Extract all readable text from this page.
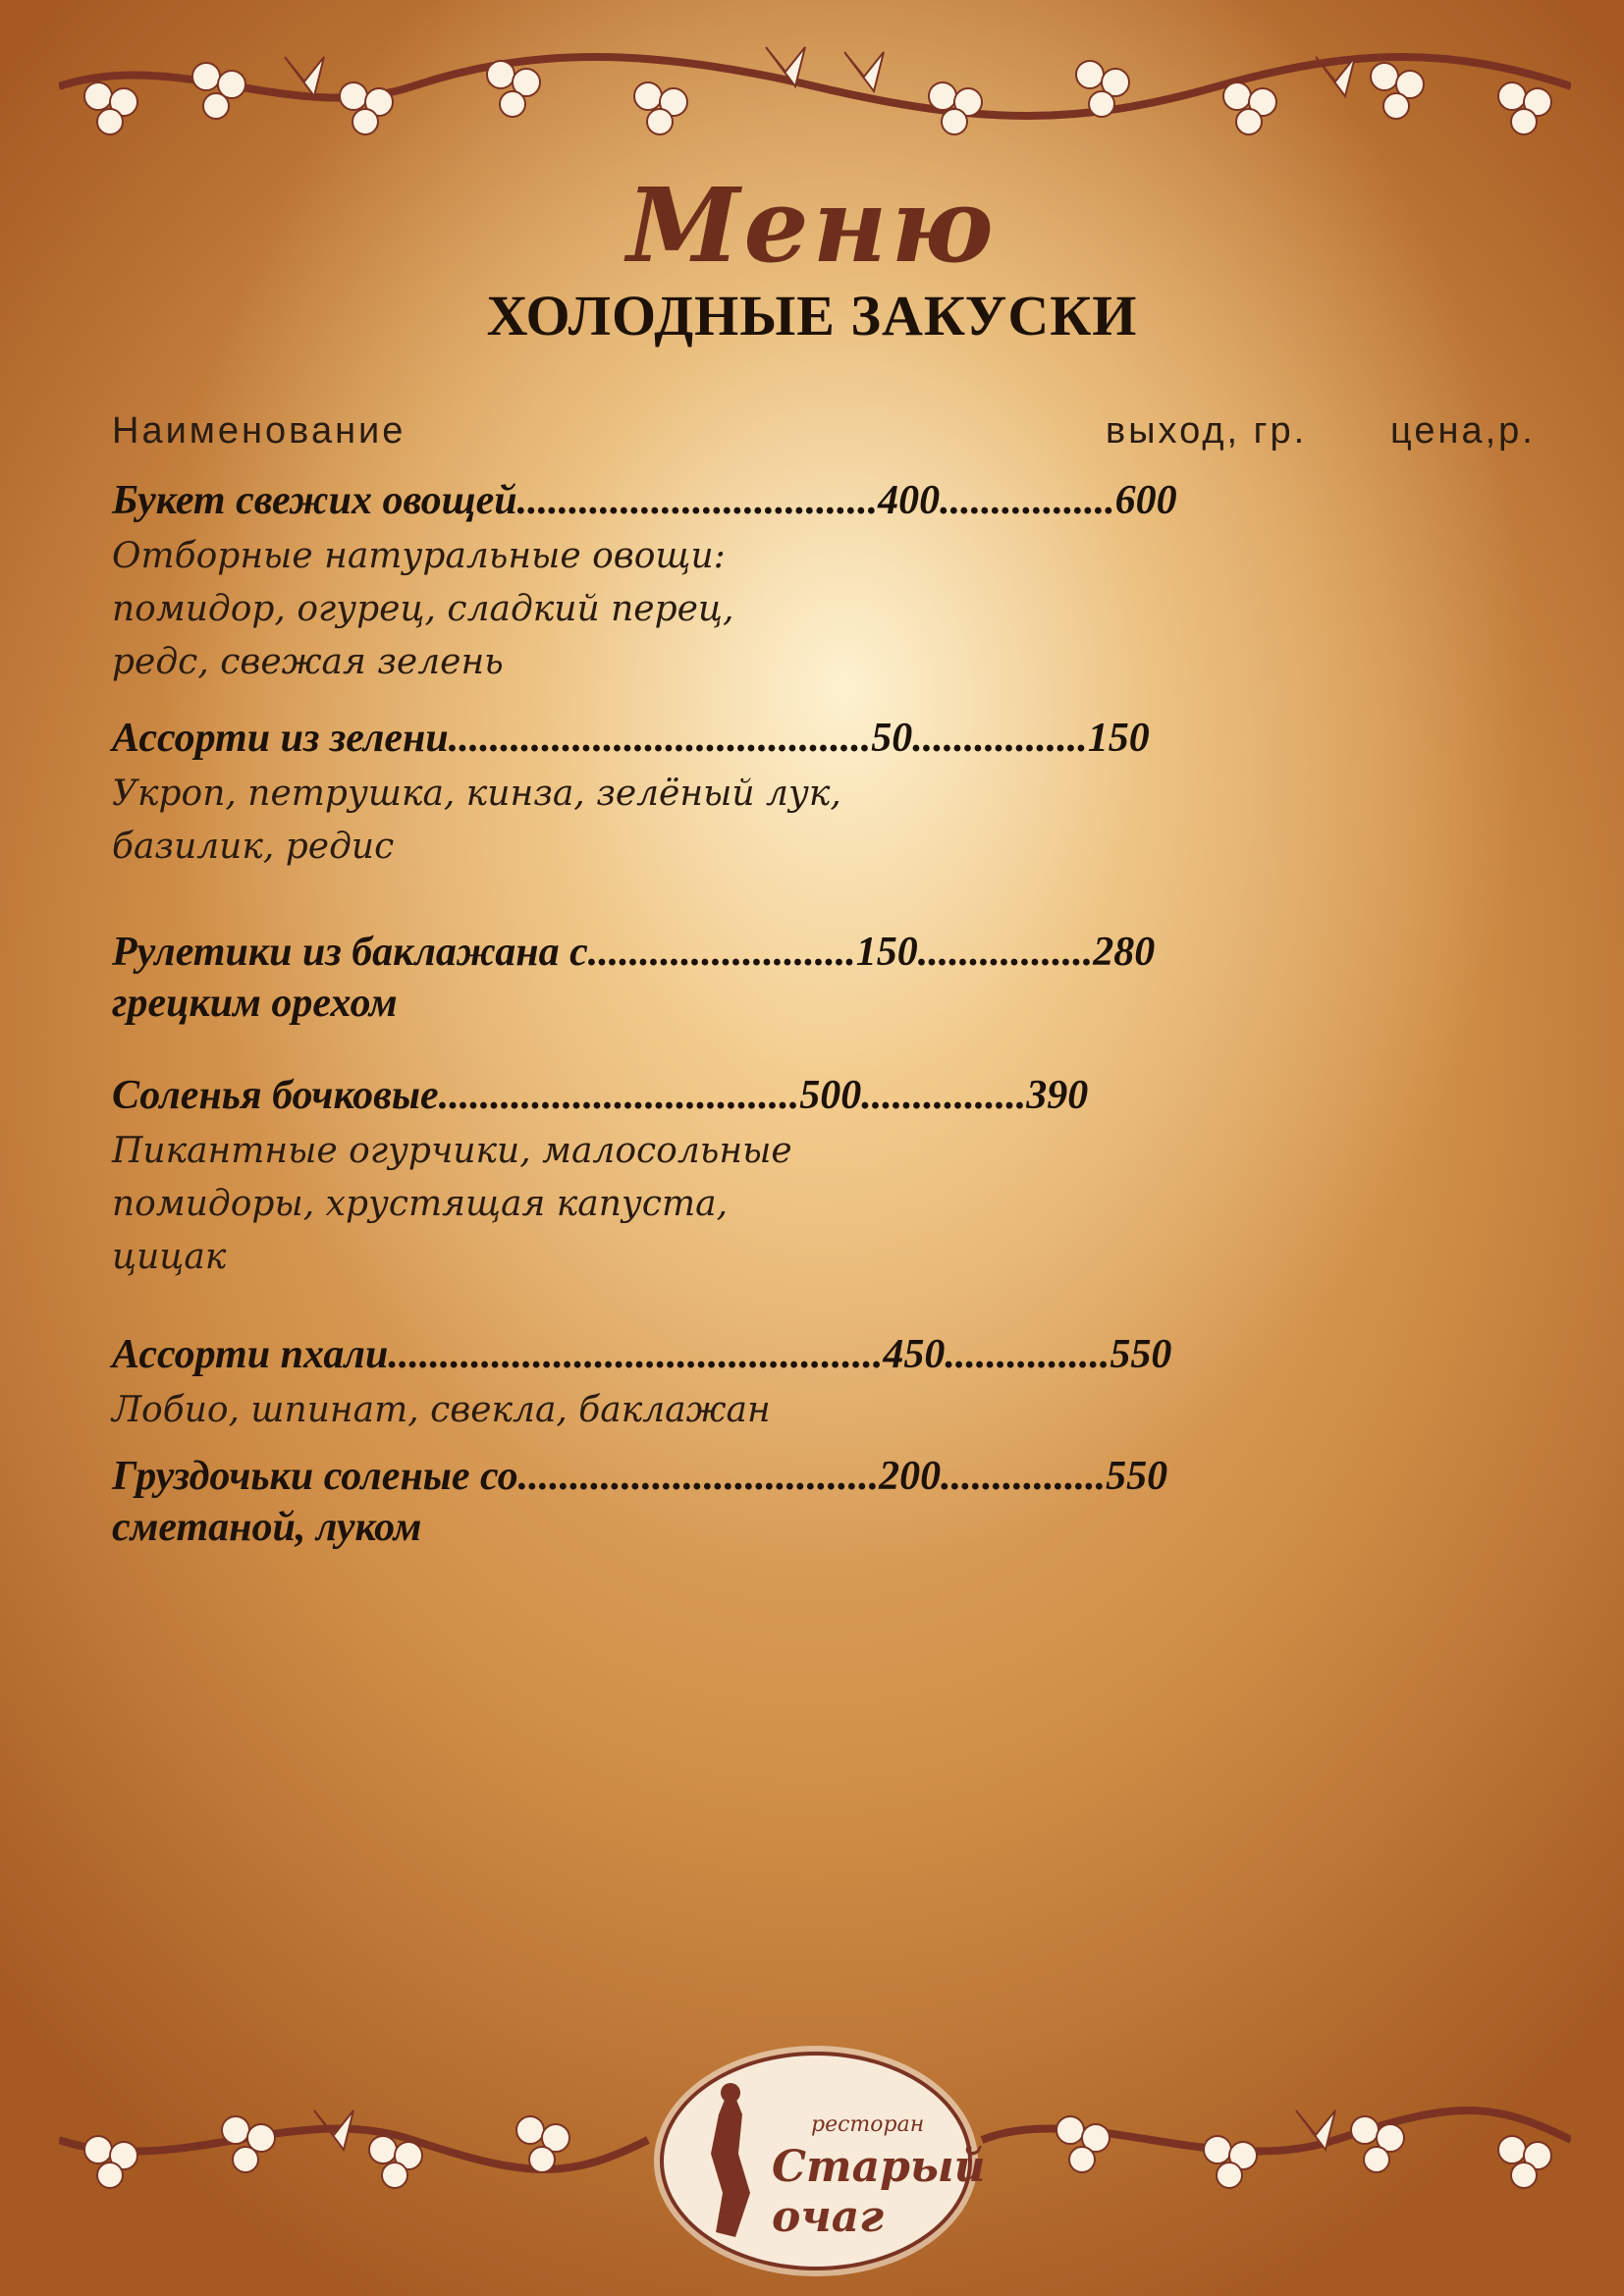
Меню
ХОЛОДНЫЕ ЗАКУСКИ
Наименование	выход, гр. цена,р.
Букет свежих овощей...................................400.................600
Отборные натуральные овощи:
помидор, огурец, сладкий перец,
редс, свежая зелень
Ассорти из зелени.........................................50.................150
Укроп, петрушка, кинза, зелёный лук,
базилик, редис
Рулетики из баклажана с..........................150.................280
грецким орехом
Соленья бочковые...................................500................390
Пикантные огурчики, малосольные
помидоры, хрустящая капуста,
цицак
Ассорти пхали................................................450................550
Лобио, шпинат, свекла, баклажан
Груздочьки соленые со...................................200................550
сметаной, луком
ресторан
Старый очаг
